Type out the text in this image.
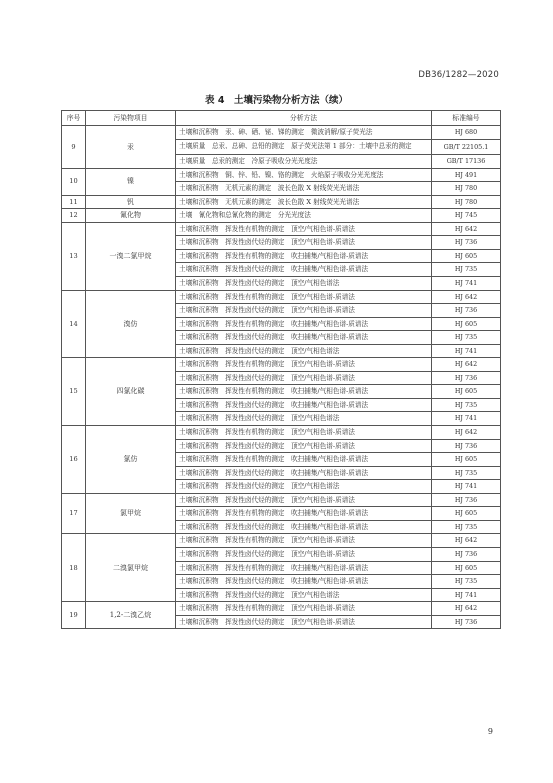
DB36/1282—2020
表 4　土壤污染物分析方法（续）
序号	污染物项目	分析方法	标准编号
9	汞	土壤和沉积物　汞、砷、硒、铋、锑的测定　微波消解/原子荧光法	HJ 680
		土壤质量　总汞、总砷、总铅的测定　原子荧光法第 1 部分：土壤中总汞的测定	GB/T 22105.1
		土壤质量　总汞的测定　冷原子吸收分光光度法	GB/T 17136
10	镍	土壤和沉积物　铜、锌、铅、镍、铬的测定　火焰原子吸收分光光度法	HJ 491
		土壤和沉积物　无机元素的测定　波长色散 X 射线荧光光谱法	HJ 780
11	钒	土壤和沉积物　无机元素的测定　波长色散 X 射线荧光光谱法	HJ 780
12	氰化物	土壤　氰化物和总氰化物的测定　分光光度法	HJ 745
13	一溴二氯甲烷	土壤和沉积物　挥发性有机物的测定　顶空/气相色谱-质谱法	HJ 642
		土壤和沉积物　挥发性卤代烃的测定　顶空/气相色谱-质谱法	HJ 736
		土壤和沉积物　挥发性有机物的测定　吹扫捕集/气相色谱-质谱法	HJ 605
		土壤和沉积物　挥发性卤代烃的测定　吹扫捕集/气相色谱-质谱法	HJ 735
		土壤和沉积物　挥发性卤代烃的测定　顶空/气相色谱法	HJ 741
14	溴仿	土壤和沉积物　挥发性有机物的测定　顶空/气相色谱-质谱法	HJ 642
		土壤和沉积物　挥发性卤代烃的测定　顶空/气相色谱-质谱法	HJ 736
		土壤和沉积物　挥发性有机物的测定　吹扫捕集/气相色谱-质谱法	HJ 605
		土壤和沉积物　挥发性卤代烃的测定　吹扫捕集/气相色谱-质谱法	HJ 735
		土壤和沉积物　挥发性卤代烃的测定　顶空/气相色谱法	HJ 741
15	四氯化碳	土壤和沉积物　挥发性有机物的测定　顶空/气相色谱-质谱法	HJ 642
		土壤和沉积物　挥发性卤代烃的测定　顶空/气相色谱-质谱法	HJ 736
		土壤和沉积物　挥发性有机物的测定　吹扫捕集/气相色谱-质谱法	HJ 605
		土壤和沉积物　挥发性卤代烃的测定　吹扫捕集/气相色谱-质谱法	HJ 735
		土壤和沉积物　挥发性卤代烃的测定　顶空/气相色谱法	HJ 741
16	氯仿	土壤和沉积物　挥发性有机物的测定　顶空/气相色谱-质谱法	HJ 642
		土壤和沉积物　挥发性卤代烃的测定　顶空/气相色谱-质谱法	HJ 736
		土壤和沉积物　挥发性有机物的测定　吹扫捕集/气相色谱-质谱法	HJ 605
		土壤和沉积物　挥发性卤代烃的测定　吹扫捕集/气相色谱-质谱法	HJ 735
		土壤和沉积物　挥发性卤代烃的测定　顶空/气相色谱法	HJ 741
17	氯甲烷	土壤和沉积物　挥发性卤代烃的测定　顶空/气相色谱-质谱法	HJ 736
		土壤和沉积物　挥发性有机物的测定　吹扫捕集/气相色谱-质谱法	HJ 605
		土壤和沉积物　挥发性卤代烃的测定　吹扫捕集/气相色谱-质谱法	HJ 735
18	二溴氯甲烷	土壤和沉积物　挥发性有机物的测定　顶空/气相色谱-质谱法	HJ 642
		土壤和沉积物　挥发性卤代烃的测定　顶空/气相色谱-质谱法	HJ 736
		土壤和沉积物　挥发性有机物的测定　吹扫捕集/气相色谱-质谱法	HJ 605
		土壤和沉积物　挥发性卤代烃的测定　吹扫捕集/气相色谱-质谱法	HJ 735
		土壤和沉积物　挥发性卤代烃的测定　顶空/气相色谱法	HJ 741
19	1,2-二溴乙烷	土壤和沉积物　挥发性有机物的测定　顶空/气相色谱-质谱法	HJ 642
		土壤和沉积物　挥发性卤代烃的测定　顶空/气相色谱-质谱法	HJ 736
9
